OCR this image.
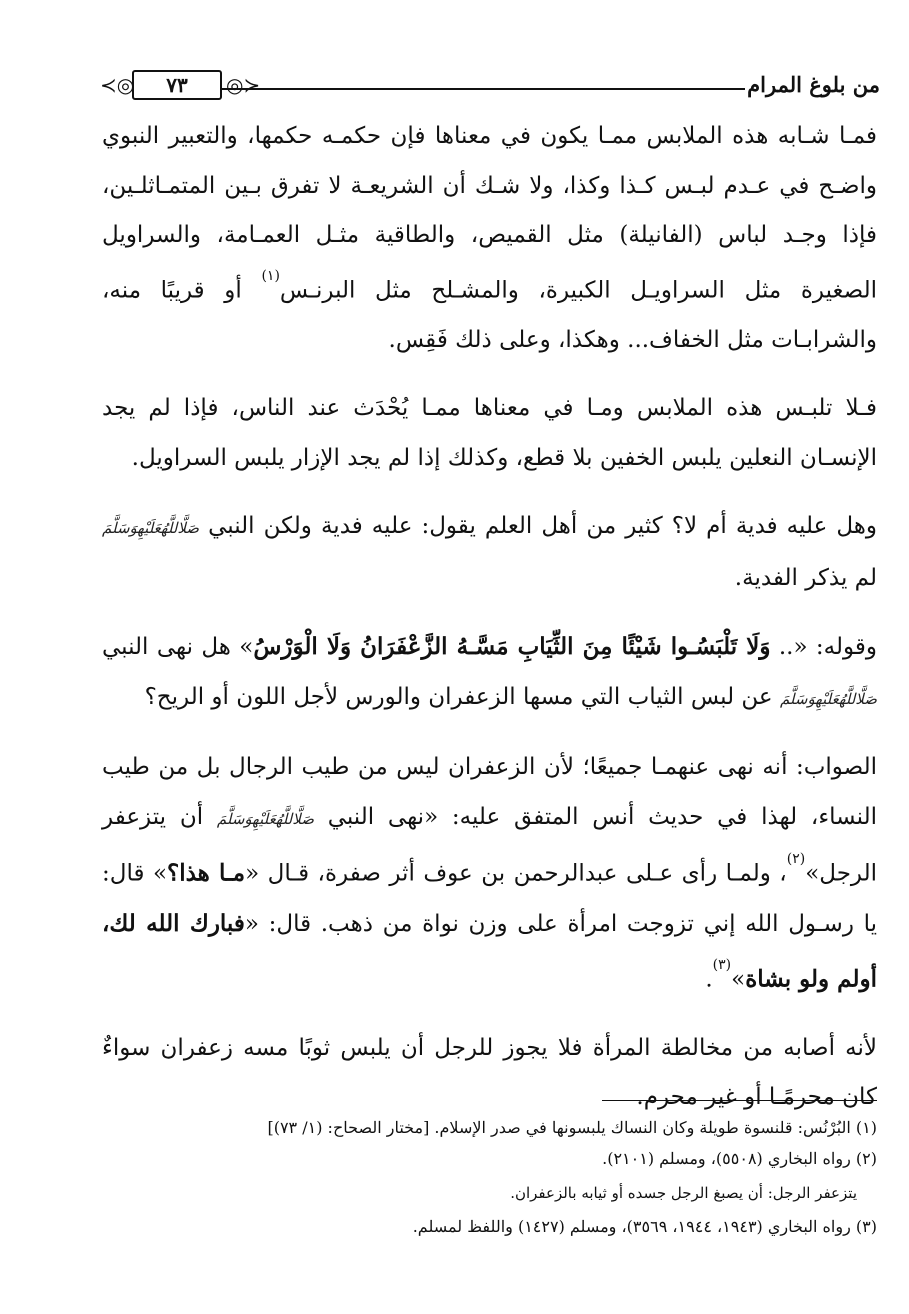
≺◎ ٧٣ ◎≻	من بلوغ المرام

فمـا شـابه هذه الملابس ممـا يكون في معناها فإن حكمـه حكمها، والتعبير النبوي واضـح في عـدم لبـس كـذا وكذا، ولا شـك أن الشريعـة لا تفرق بـين المتمـاثلـين، فإذا وجـد لباس (الفانيلة) مثل القميص، والطاقية مثـل العمـامة، والسراويل الصغيرة مثل السراويـل الكبيرة، والمشـلح مثل البرنـس$^{(١)}$ أو قريبًا منه، والشرابـات مثل الخفاف... وهكذا، وعلى ذلك فَقِس.

فـلا تلبـس هذه الملابس ومـا في معناها ممـا يُحْدَث عند الناس، فإذا لم يجد الإنسـان النعلين يلبس الخفين بلا قطع، وكذلك إذا لم يجد الإزار يلبس السراويل.

وهل عليه فدية أم لا؟ كثير من أهل العلم يقول: عليه فدية ولكن النبي صَلَّاللَّهُعَلَيْهِوَسَلَّمَ لم يذكر الفدية.

وقوله: «.. وَلَا تَلْبَسُـوا شَيْئًا مِنَ الثِّيَابِ مَسَّـهُ الزَّعْفَرَانُ وَلَا الْوَرْسُ» هل نهى النبي صَلَّاللَّهُعَلَيْهِوَسَلَّمَ عن لبس الثياب التي مسها الزعفران والورس لأجل اللون أو الريح؟

الصواب: أنه نهى عنهمـا جميعًا؛ لأن الزعفران ليس من طيب الرجال بل من طيب النساء، لهذا في حديث أنس المتفق عليه: «نهى النبي صَلَّاللَّهُعَلَيْهِوَسَلَّمَ أن يتزعفر الرجل»$^{(٢)}$، ولمـا رأى عـلى عبدالرحمن بن عوف أثر صفرة، قـال «مـا هذا؟» قال: يا رسـول الله إني تزوجت امرأة على وزن نواة من ذهب. قال: «فبارك الله لك، أولم ولو بشاة»$^{(٣)}$.

لأنه أصابه من مخالطة المرأة فلا يجوز للرجل أن يلبس ثوبًا مسه زعفران سواءٌ كان محرمًـا أو غير محرم.

(١) البُرْنُس: قلنسوة طويلة وكان النساك يلبسونها في صدر الإسلام. [مختار الصحاح: (١/ ٧٣)]

(٢) رواه البخاري (٥٥٠٨)، ومسلم (٢١٠١).

يتزعفر الرجل: أن يصبغ الرجل جسده أو ثيابه بالزعفران.

(٣) رواه البخاري (١٩٤٣، ١٩٤٤، ٣٥٦٩)، ومسلم (١٤٢٧) واللفظ لمسلم.
